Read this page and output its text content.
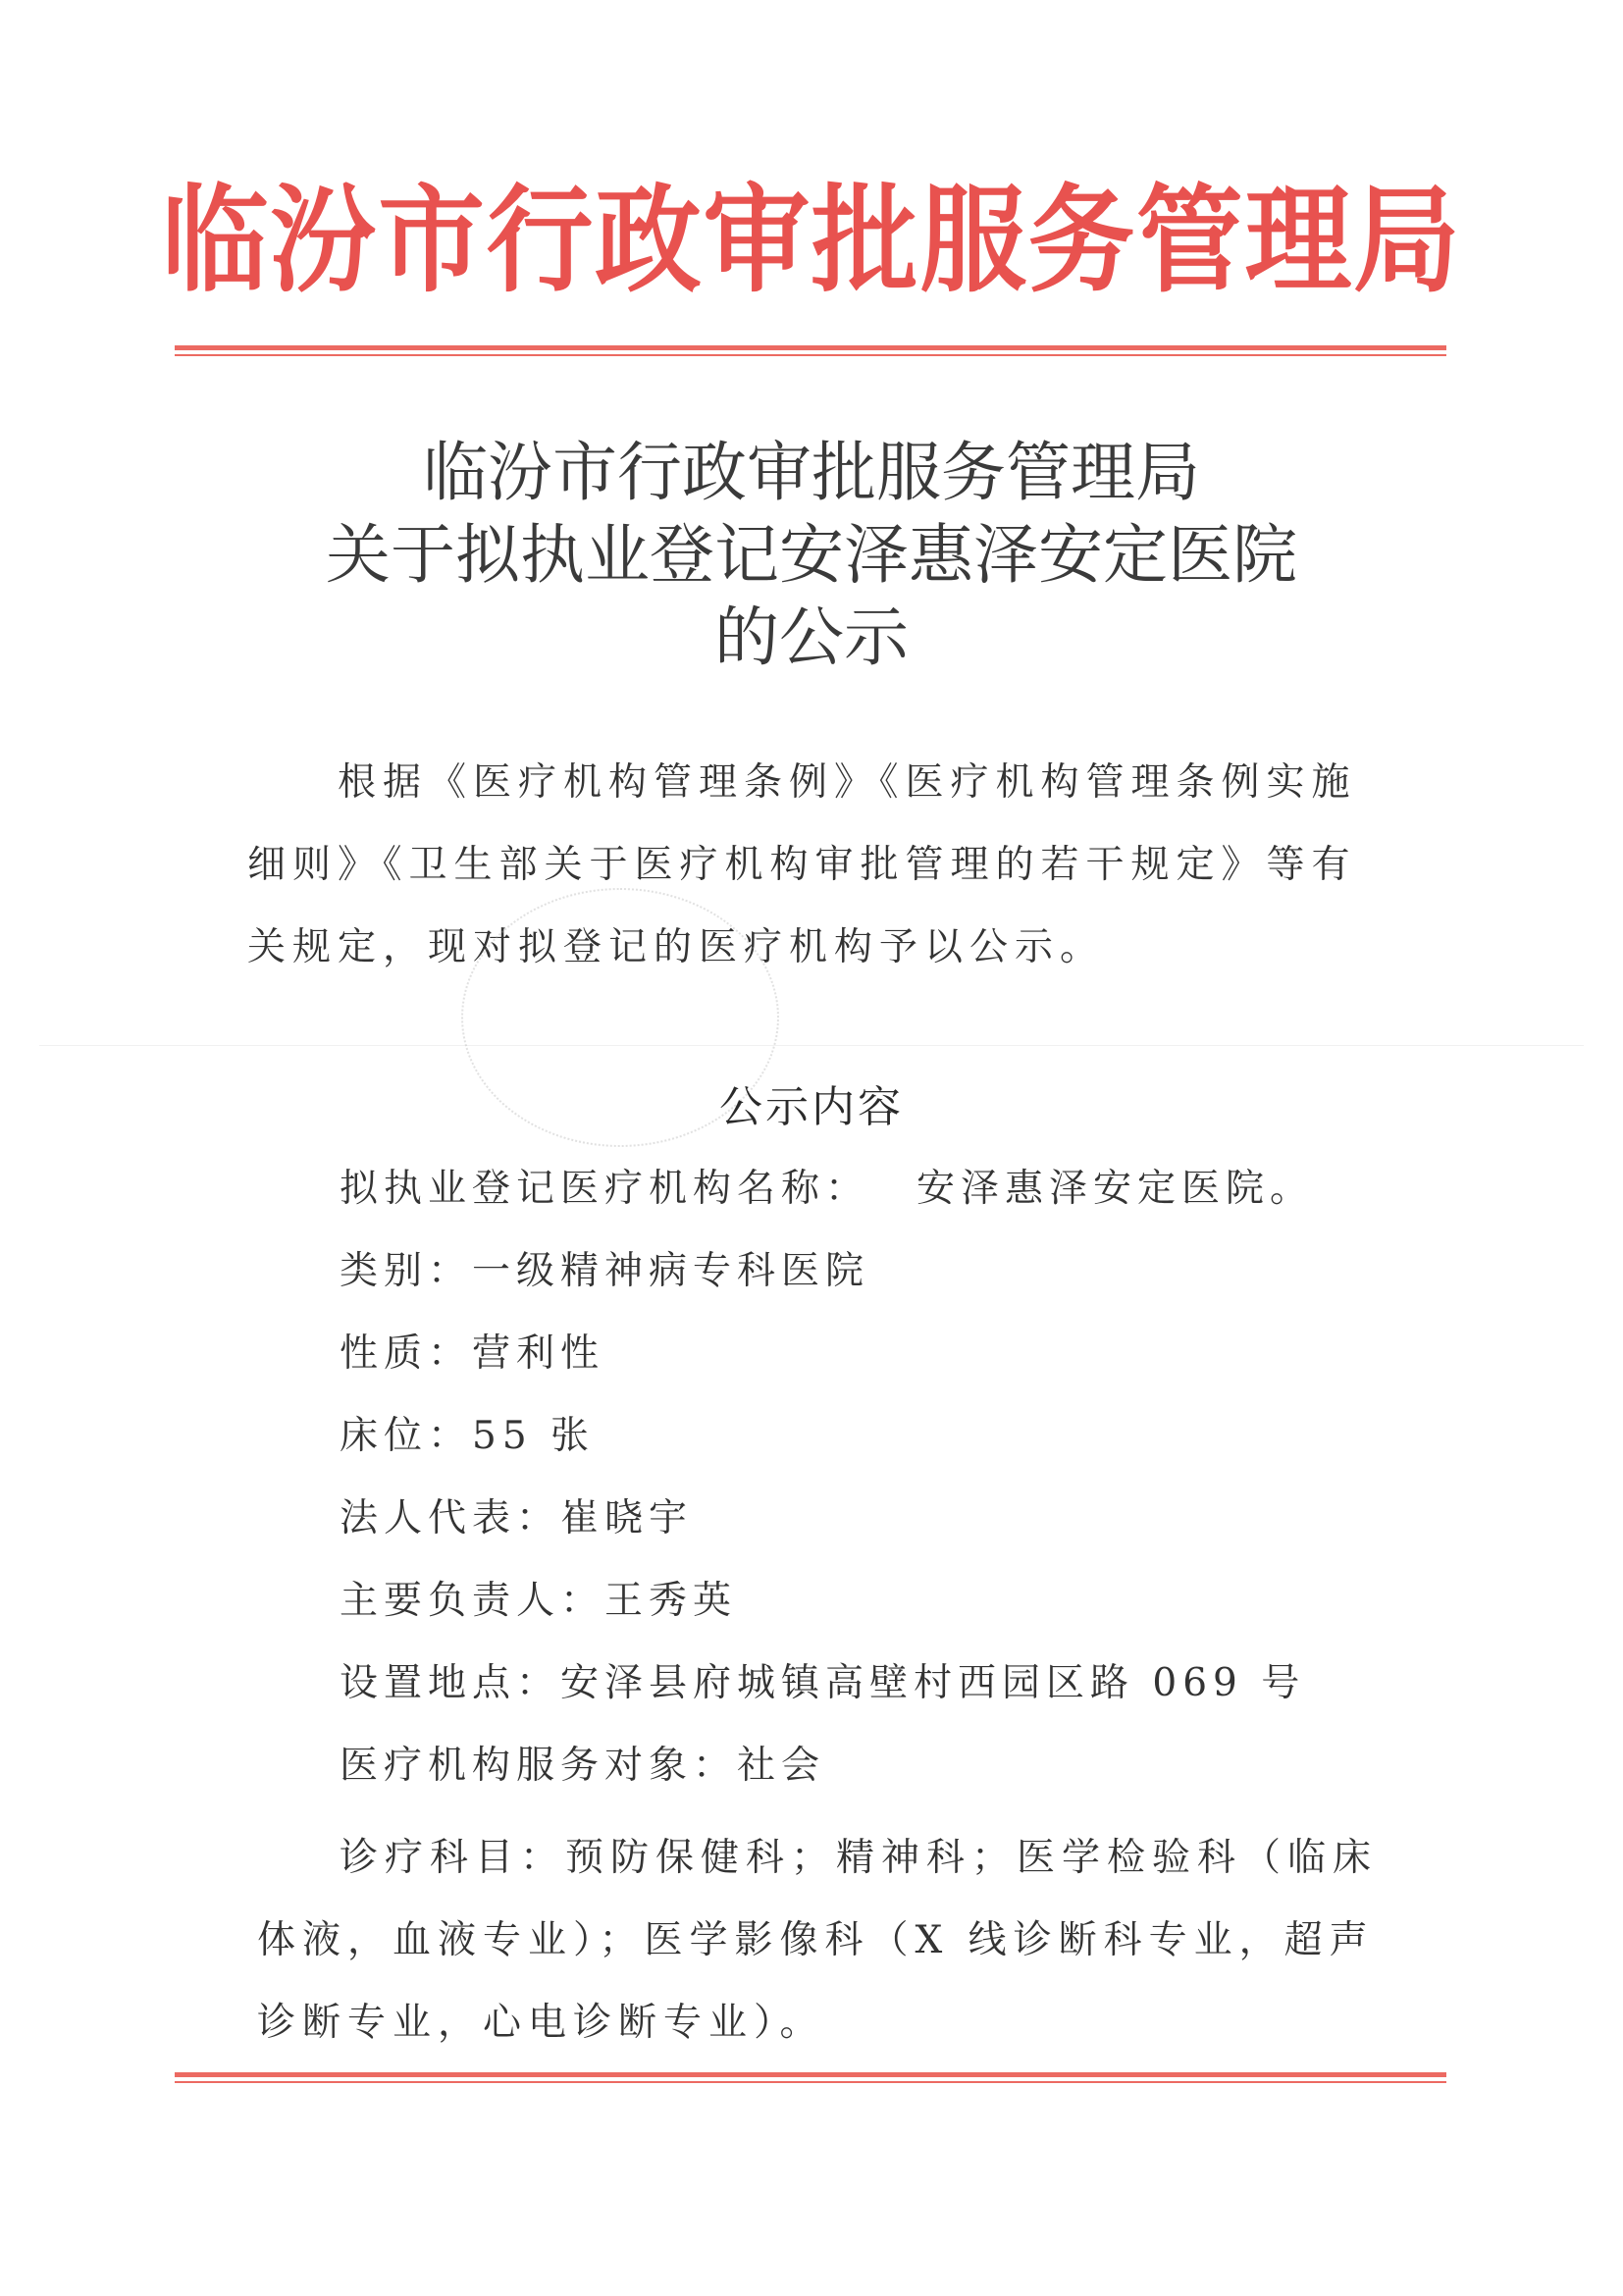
临汾市行政审批服务管理局
临汾市行政审批服务管理局
关于拟执业登记安泽惠泽安定医院
的公示
根据《医疗机构管理条例》《医疗机构管理条例实施细则》《卫生部关于医疗机构审批管理的若干规定》等有关规定，现对拟登记的医疗机构予以公示。
公示内容
拟执业登记医疗机构名称： 安泽惠泽安定医院。
类别：一级精神病专科医院
性质：营利性
床位：55 张
法人代表：崔晓宇
主要负责人：王秀英
设置地点：安泽县府城镇高壁村西园区路 069 号
医疗机构服务对象：社会
诊疗科目：预防保健科；精神科；医学检验科（临床体液，血液专业）；医学影像科（X 线诊断科专业，超声诊断专业，心电诊断专业）。
